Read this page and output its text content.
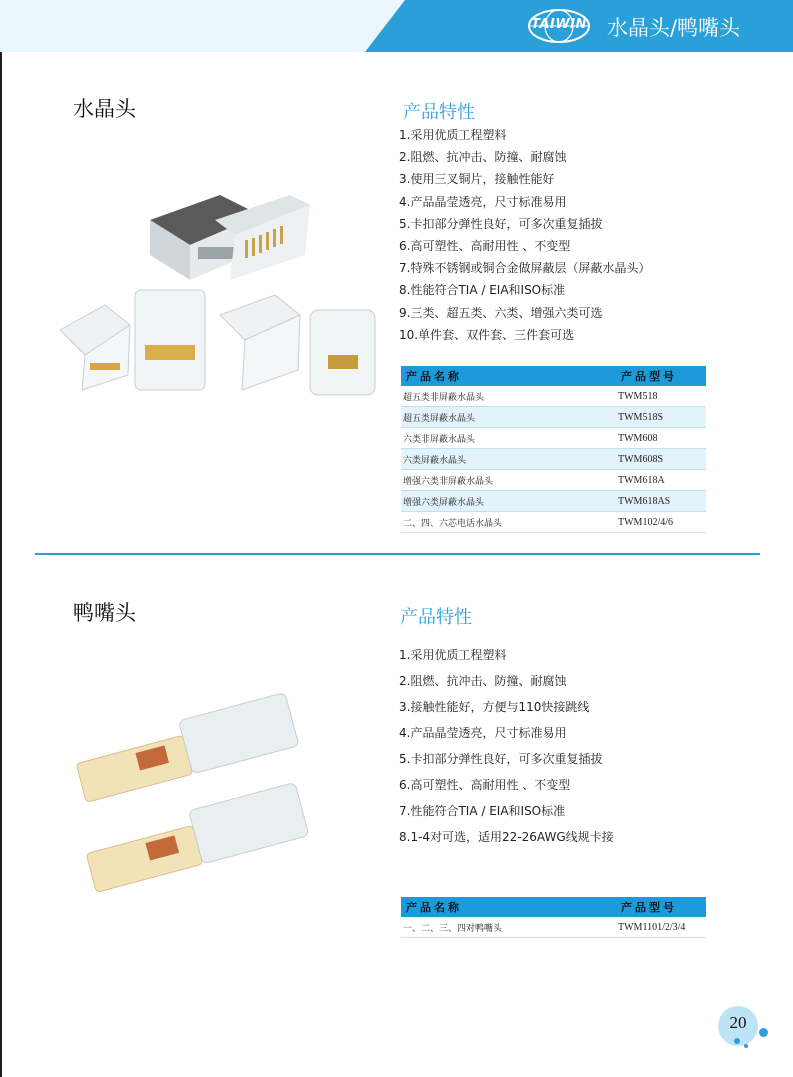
TAIWIN 水晶头/鸭嘴头
水晶头	产品特性
1.采用优质工程塑料
2.阻燃、抗冲击、防撞、耐腐蚀
3.使用三叉铜片，接触性能好
4.产品晶莹透亮，尺寸标准易用
5.卡扣部分弹性良好，可多次重复插拔
6.高可塑性、高耐用性 、不变型
7.特殊不锈钢或铜合金做屏蔽层（屏蔽水晶头）
8.性能符合TIA / EIA和ISO标准
9.三类、超五类、六类、增强六类可选
10.单件套、双件套、三件套可选
产品名称	产品型号
超五类非屏蔽水晶头	TWM518
超五类屏蔽水晶头	TWM518S
六类非屏蔽水晶头	TWM608
六类屏蔽水晶头	TWM608S
增强六类非屏蔽水晶头	TWM618A
增强六类屏蔽水晶头	TWM618AS
二、四、六芯电话水晶头	TWM102/4/6
鸭嘴头	产品特性
1.采用优质工程塑料
2.阻燃、抗冲击、防撞、耐腐蚀
3.接触性能好，方便与110快接跳线
4.产品晶莹透亮，尺寸标准易用
5.卡扣部分弹性良好，可多次重复插拔
6.高可塑性、高耐用性 、不变型
7.性能符合TIA / EIA和ISO标准
8.1-4对可选，适用22-26AWG线规卡接
产品名称	产品型号
一、二、三、四对鸭嘴头	TWM1101/2/3/4
20
